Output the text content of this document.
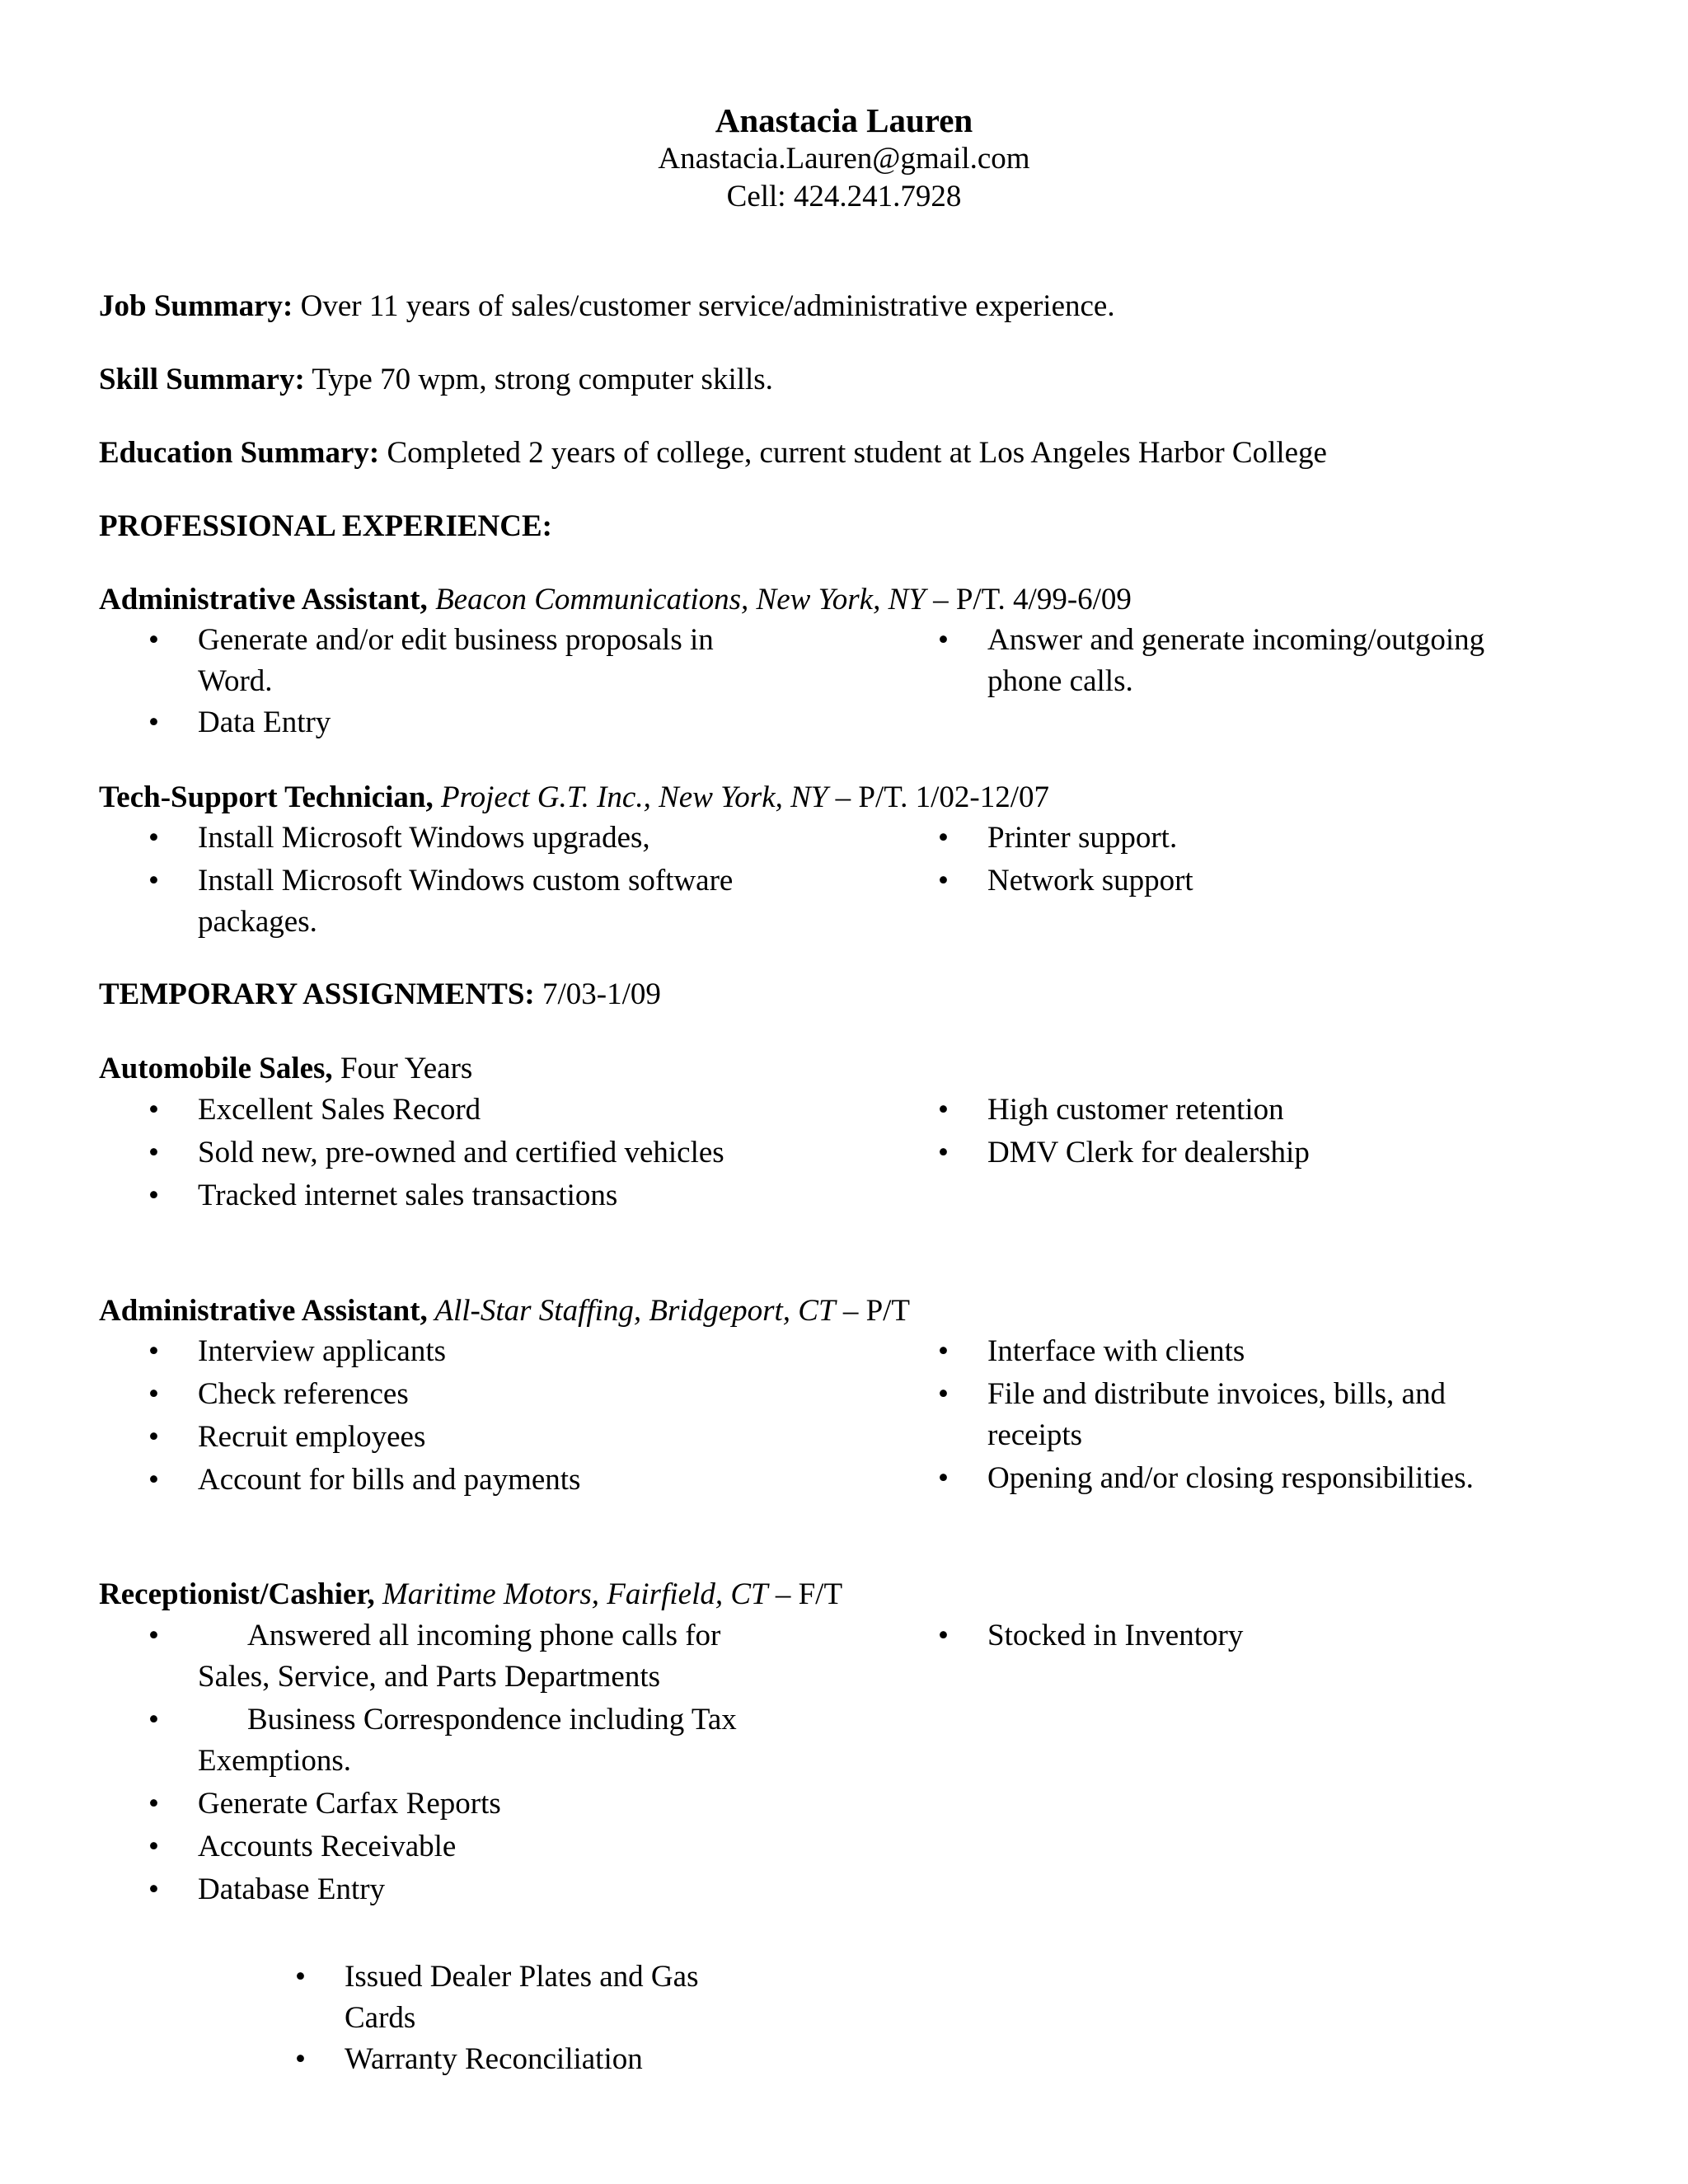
Anastacia Lauren
Anastacia.Lauren@gmail.com
Cell: 424.241.7928
Job Summary: Over 11 years of sales/customer service/administrative experience.
Skill Summary: Type 70 wpm, strong computer skills.
Education Summary: Completed 2 years of college, current student at Los Angeles Harbor College
PROFESSIONAL EXPERIENCE:
Administrative Assistant, Beacon Communications, New York, NY – P/T. 4/99-6/09
• Generate and/or edit business proposals in Word.
• Data Entry
• Answer and generate incoming/outgoing phone calls.
Tech-Support Technician, Project G.T. Inc., New York, NY – P/T. 1/02-12/07
• Install Microsoft Windows upgrades,
• Install Microsoft Windows custom software packages.
• Printer support.
• Network support
TEMPORARY ASSIGNMENTS: 7/03-1/09
Automobile Sales, Four Years
• Excellent Sales Record
• Sold new, pre-owned and certified vehicles
• Tracked internet sales transactions
• High customer retention
• DMV Clerk for dealership
Administrative Assistant, All-Star Staffing, Bridgeport, CT – P/T
• Interview applicants
• Check references
• Recruit employees
• Account for bills and payments
• Interface with clients
• File and distribute invoices, bills, and receipts
• Opening and/or closing responsibilities.
Receptionist/Cashier, Maritime Motors, Fairfield, CT – F/T
•	Answered all incoming phone calls for Sales, Service, and Parts Departments
•	Business Correspondence including Tax Exemptions.
• Generate Carfax Reports
• Accounts Receivable
• Database Entry
• Stocked in Inventory
• Issued Dealer Plates and Gas Cards
• Warranty Reconciliation
